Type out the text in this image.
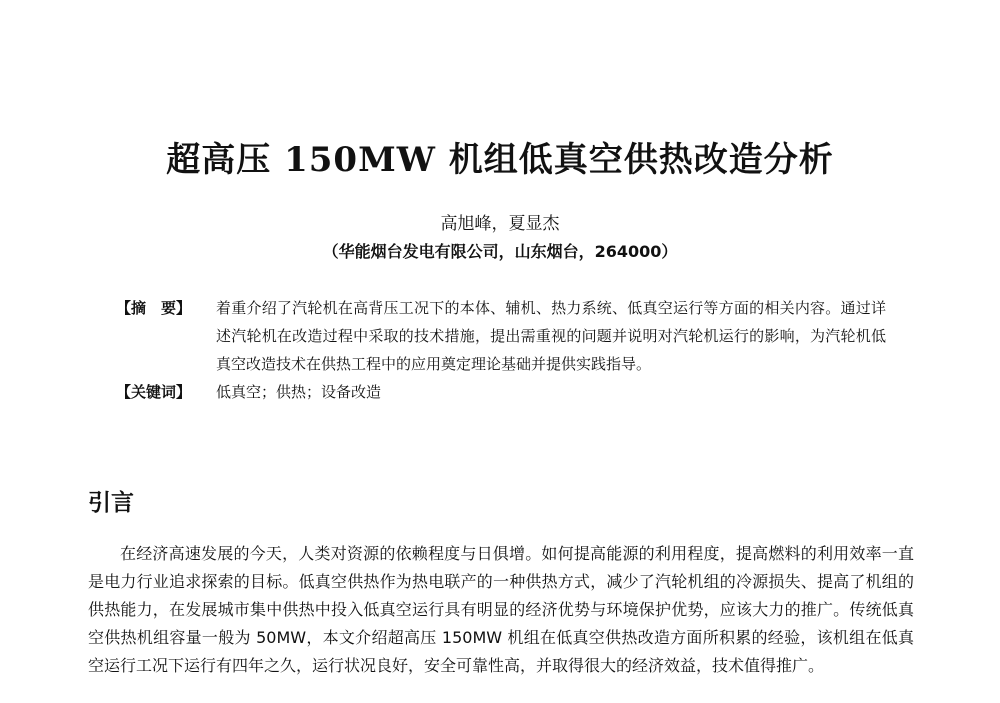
超高压 150MW 机组低真空供热改造分析
高旭峰，夏显杰
（华能烟台发电有限公司，山东烟台，264000）
【摘　要】	着重介绍了汽轮机在高背压工况下的本体、辅机、热力系统、低真空运行等方面的相关内容。通过详述汽轮机在改造过程中采取的技术措施，提出需重视的问题并说明对汽轮机运行的影响，为汽轮机低真空改造技术在供热工程中的应用奠定理论基础并提供实践指导。
【关键词】	低真空；供热；设备改造
引言

在经济高速发展的今天，人类对资源的依赖程度与日俱增。如何提高能源的利用程度，提高燃料的利用效率一直是电力行业追求探索的目标。低真空供热作为热电联产的一种供热方式，减少了汽轮机组的冷源损失、提高了机组的供热能力，在发展城市集中供热中投入低真空运行具有明显的经济优势与环境保护优势，应该大力的推广。传统低真空供热机组容量一般为 50MW，本文介绍超高压 150MW 机组在低真空供热改造方面所积累的经验，该机组在低真空运行工况下运行有四年之久，运行状况良好，安全可靠性高，并取得很大的经济效益，技术值得推广。
